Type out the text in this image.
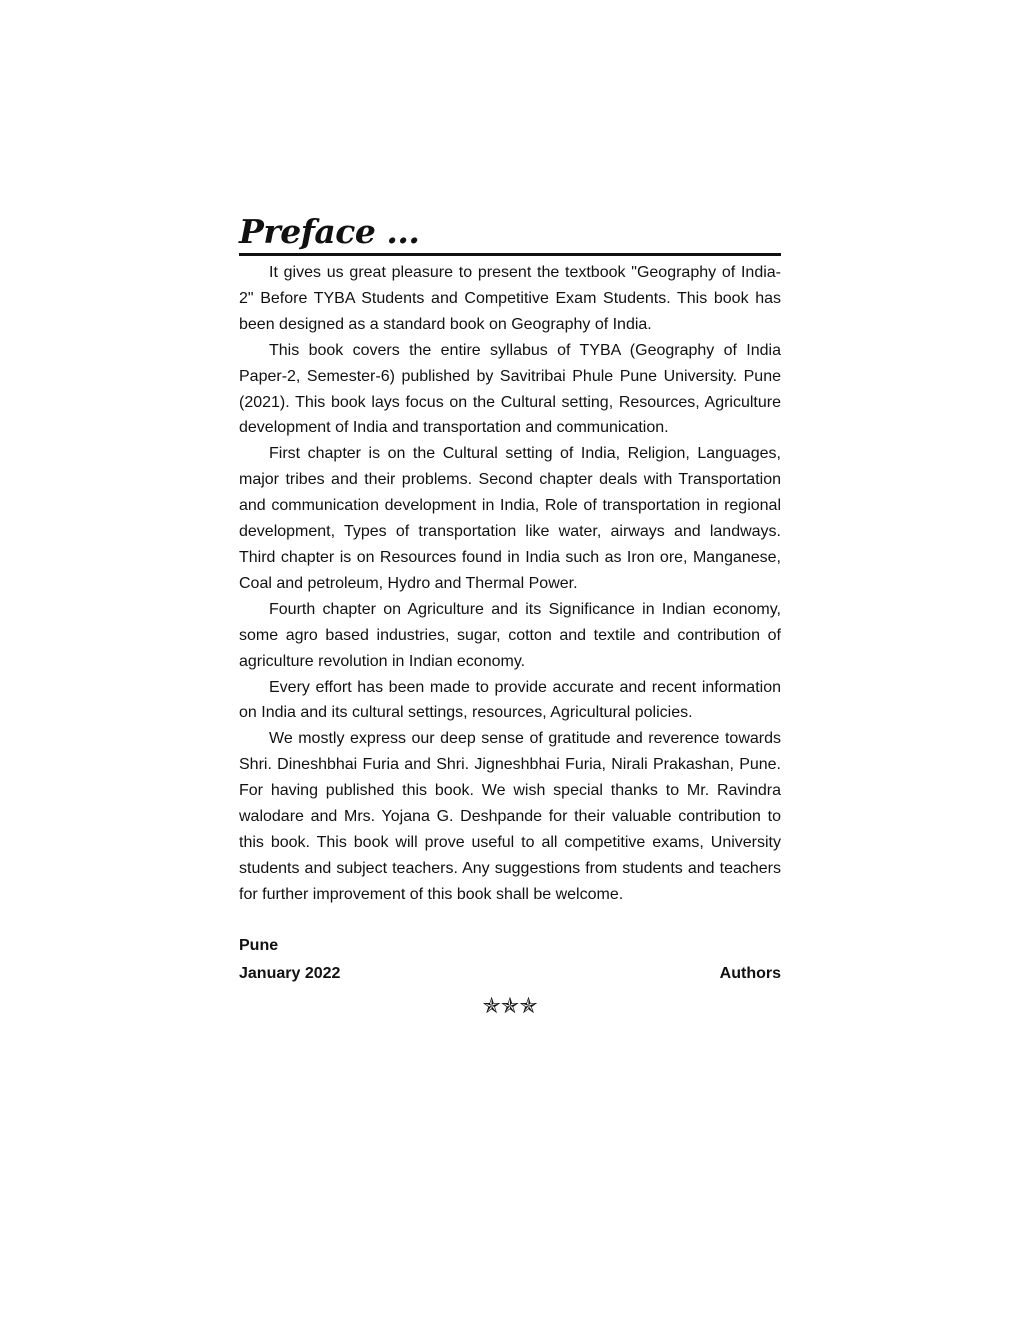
Preface ...

It gives us great pleasure to present the textbook "Geography of India- 2" Before TYBA Students and Competitive Exam Students. This book has been designed as a standard book on Geography of India.

This book covers the entire syllabus of TYBA (Geography of India Paper-2, Semester-6) published by Savitribai Phule Pune University. Pune (2021). This book lays focus on the Cultural setting, Resources, Agriculture development of India and transportation and communication.

First chapter is on the Cultural setting of India, Religion, Languages, major tribes and their problems. Second chapter deals with Transportation and communication development in India, Role of transportation in regional development, Types of transportation like water, airways and landways. Third chapter is on Resources found in India such as Iron ore, Manganese, Coal and petroleum, Hydro and Thermal Power.

Fourth chapter on Agriculture and its Significance in Indian economy, some agro based industries, sugar, cotton and textile and contribution of agriculture revolution in Indian economy.

Every effort has been made to provide accurate and recent information on India and its cultural settings, resources, Agricultural policies.

We mostly express our deep sense of gratitude and reverence towards Shri. Dineshbhai Furia and Shri. Jigneshbhai Furia, Nirali Prakashan, Pune. For having published this book. We wish special thanks to Mr. Ravindra walodare and Mrs. Yojana G. Deshpande for their valuable contribution to this book. This book will prove useful to all competitive exams, University students and subject teachers. Any suggestions from students and teachers for further improvement of this book shall be welcome.

Pune
January 2022	Authors
✯✯✯
